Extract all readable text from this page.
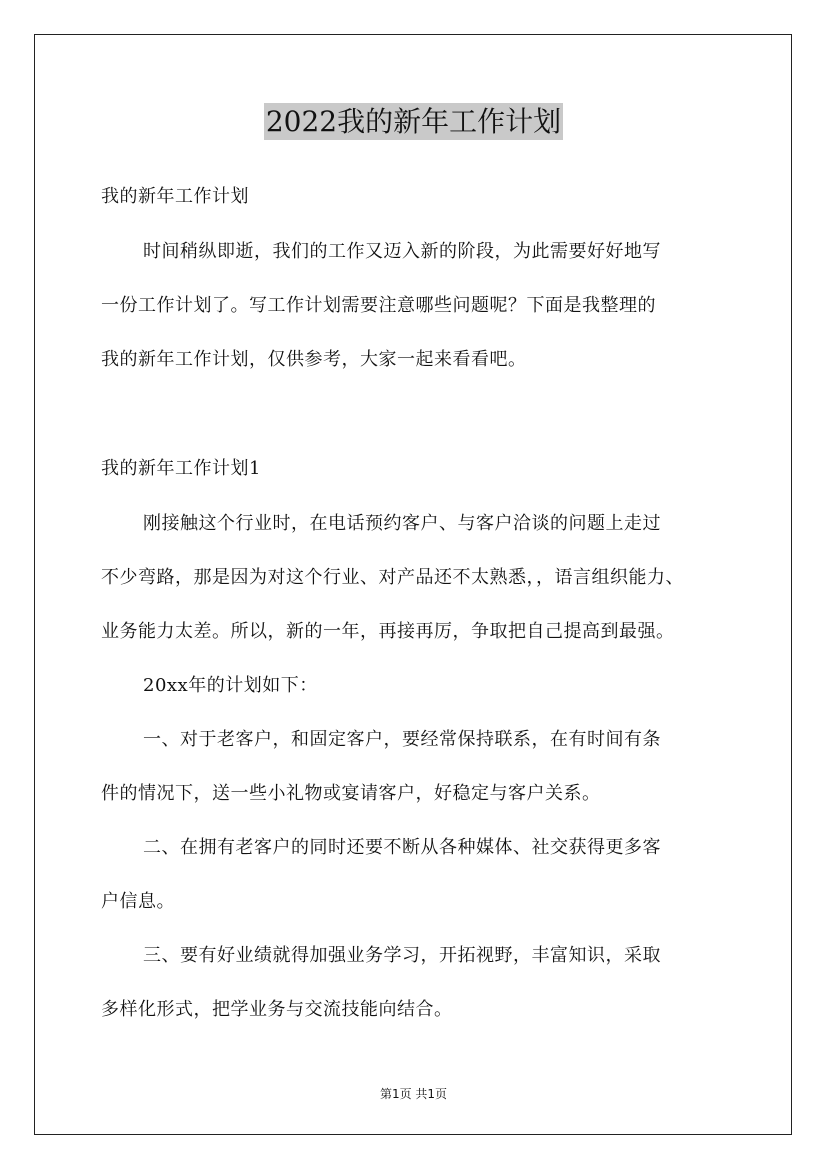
2022我的新年工作计划
我的新年工作计划
时间稍纵即逝，我们的工作又迈入新的阶段，为此需要好好地写
一份工作计划了。写工作计划需要注意哪些问题呢？下面是我整理的
我的新年工作计划，仅供参考，大家一起来看看吧。
我的新年工作计划1
刚接触这个行业时，在电话预约客户、与客户洽谈的问题上走过
不少弯路，那是因为对这个行业、对产品还不太熟悉，，语言组织能力、
业务能力太差。所以，新的一年，再接再厉，争取把自己提高到最强。
20xx年的计划如下：
一、对于老客户，和固定客户，要经常保持联系，在有时间有条
件的情况下，送一些小礼物或宴请客户，好稳定与客户关系。
二、在拥有老客户的同时还要不断从各种媒体、社交获得更多客
户信息。
三、要有好业绩就得加强业务学习，开拓视野，丰富知识，采取
多样化形式，把学业务与交流技能向结合。
第1页 共1页
